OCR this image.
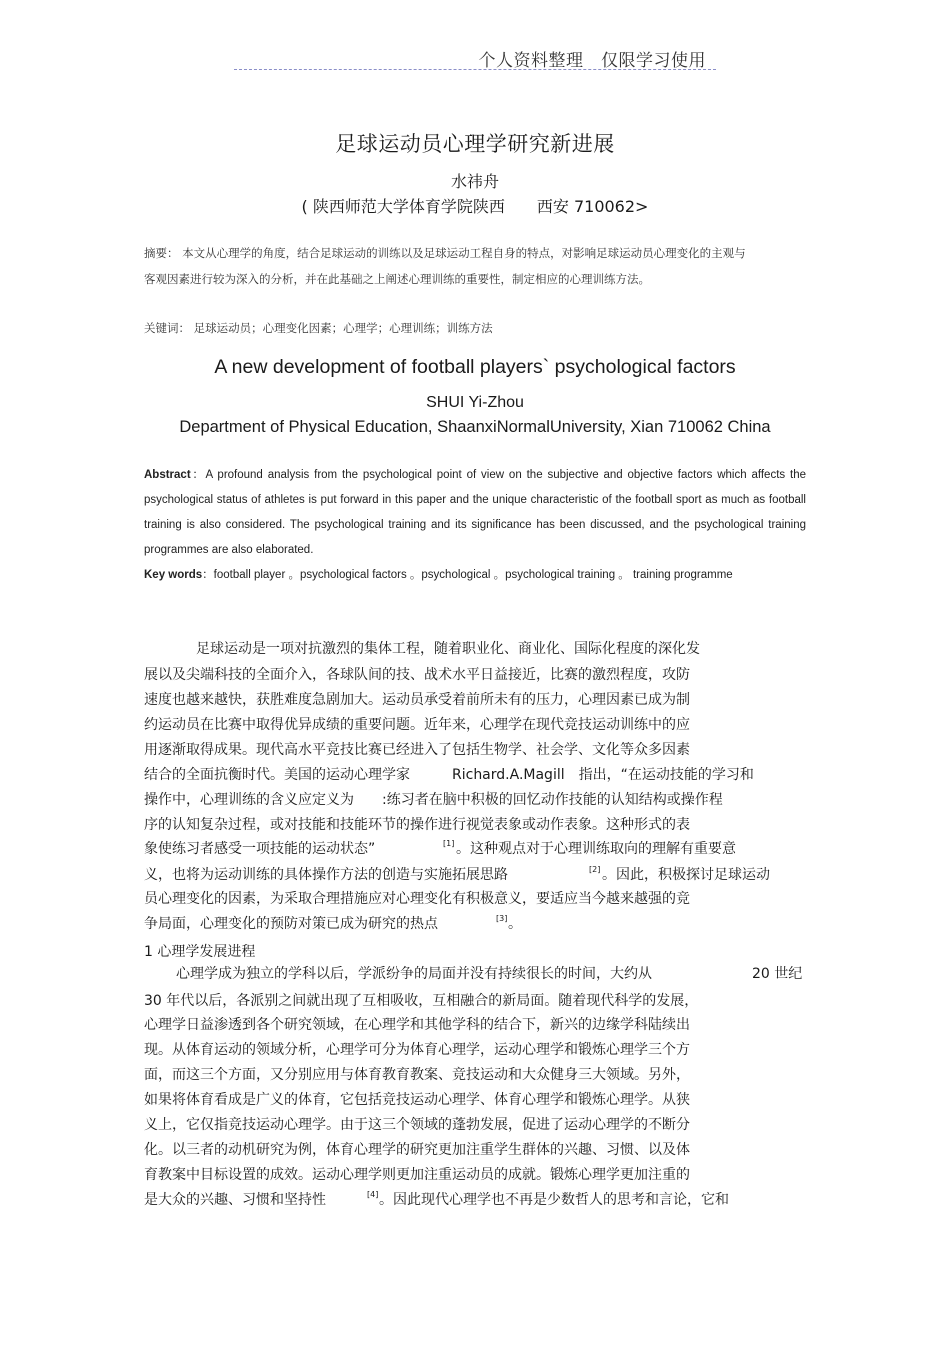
个人资料整理　仅限学习使用
足球运动员心理学研究新进展
水祎舟
( 陕西师范大学体育学院陕西　　西安 710062>
摘要： 本文从心理学的角度，结合足球运动的训练以及足球运动工程自身的特点，对影响足球运动员心理变化的主观与客观因素进行较为深入的分析，并在此基础之上阐述心理训练的重要性，制定相应的心理训练方法。
关键词： 足球运动员；心理变化因素；心理学；心理训练；训练方法
A new development of football players` psychological factors
SHUI Yi-Zhou
Department of Physical Education, ShaanxiNormalUniversity, Xian 710062 China
Abstract：A profound analysis from the psychological point of view on the subjective and objective factors which affects the psychological status of athletes is put forward in this paper and the unique characteristic of the football sport as much as football training is also considered. The psychological training and its significance has been discussed, and the psychological training programmes are also elaborated.
Key words：football player 。psychological factors 。psychological 。psychological training 。 training programme
足球运动是一项对抗激烈的集体工程，随着职业化、商业化、国际化程度的深化发
展以及尖端科技的全面介入，各球队间的技、战术水平日益接近，比赛的激烈程度，攻防
速度也越来越快，获胜难度急剧加大。运动员承受着前所未有的压力，心理因素已成为制
约运动员在比赛中取得优异成绩的重要问题。近年来，心理学在现代竞技运动训练中的应
用逐渐取得成果。现代高水平竞技比赛已经进入了包括生物学、社会学、文化等众多因素
结合的全面抗衡时代。美国的运动心理学家　　　Richard.A.Magill　指出，“在运动技能的学习和
操作中，心理训练的含义应定义为　　:练习者在脑中积极的回忆动作技能的认知结构或操作程
序的认知复杂过程，或对技能和技能环节的操作进行视觉表象或动作表象。这种形式的表
象使练习者感受一项技能的运动状态”	[1] 。这种观点对于心理训练取向的理解有重要意
义，也将为运动训练的具体操作方法的创造与实施拓展思路	[2] 。因此，积极探讨足球运动
员心理变化的因素，为采取合理措施应对心理变化有积极意义，要适应当今越来越强的竞
争局面，心理变化的预防对策已成为研究的热点	[3] 。
1 心理学发展进程
心理学成为独立的学科以后，学派纷争的局面并没有持续很长的时间，大约从	20 世纪
30 年代以后，各派别之间就出现了互相吸收，互相融合的新局面。随着现代科学的发展，
心理学日益渗透到各个研究领域，在心理学和其他学科的结合下，新兴的边缘学科陆续出
现。从体育运动的领域分析，心理学可分为体育心理学，运动心理学和锻炼心理学三个方
面，而这三个方面，又分别应用与体育教育教案、竞技运动和大众健身三大领域。另外，
如果将体育看成是广义的体育，它包括竞技运动心理学、体育心理学和锻炼心理学。从狭
义上，它仅指竞技运动心理学。由于这三个领域的蓬勃发展，促进了运动心理学的不断分
化。以三者的动机研究为例，体育心理学的研究更加注重学生群体的兴趣、习惯、以及体
育教案中目标设置的成效。运动心理学则更加注重运动员的成就。锻炼心理学更加注重的
是大众的兴趣、习惯和坚持性	[4] 。因此现代心理学也不再是少数哲人的思考和言论，它和
